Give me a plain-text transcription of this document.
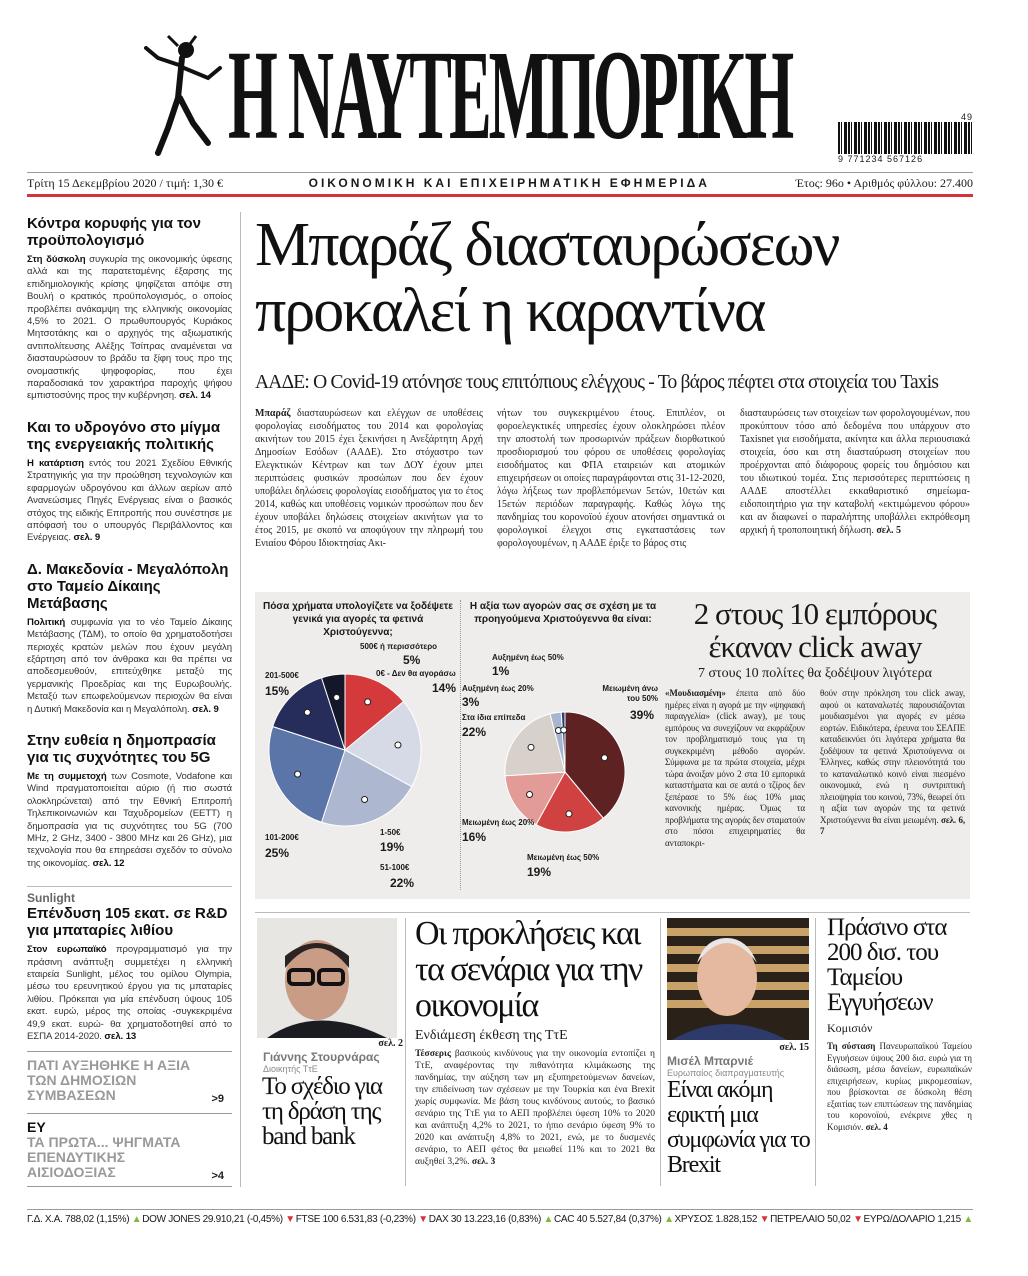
Η ΝΑΥΤΕΜΠΟΡΙΚΗ	49
9 771234 567126
Τρίτη 15 Δεκεμβρίου 2020 / τιμή: 1,30 €	ΟΙΚΟΝΟΜΙΚΗ ΚΑΙ ΕΠΙΧΕΙΡΗΜΑΤΙΚΗ ΕΦΗΜΕΡΙΔΑ	Έτος: 96ο • Αριθμός φύλλου: 27.400
Κόντρα κορυφής για τον προϋπολογισμό

Στη δύσκολη συγκυρία της οικονομικής ύφεσης αλλά και της παρατεταμένης έξαρσης της επιδημιολογικής κρίσης ψηφίζεται απόψε στη Βουλή ο κρατικός προϋπολογισμός, ο οποίος προβλέπει ανάκαμψη της ελληνικής οικονομίας 4,5% το 2021. Ο πρωθυπουργός Κυριάκος Μητσοτάκης και ο αρχηγός της αξιωματικής αντιπολίτευσης Αλέξης Τσίπρας αναμένεται να διασταυρώσουν το βράδυ τα ξίφη τους προ της ονομαστικής ψηφοφορίας, που έχει παραδοσιακά τον χαρακτήρα παροχής ψήφου εμπιστοσύνης προς την κυβέρνηση. σελ. 14

Και το υδρογόνο στο μίγμα της ενεργειακής πολιτικής

Η κατάρτιση εντός του 2021 Σχεδίου Εθνικής Στρατηγικής για την προώθηση τεχνολογιών και εφαρμογών υδρογόνου και άλλων αερίων από Ανανεώσιμες Πηγές Ενέργειας είναι ο βασικός στόχος της ειδικής Επιτροπής που συνέστησε με απόφασή του ο υπουργός Περιβάλλοντος και Ενέργειας. σελ. 9

Δ. Μακεδονία - Μεγαλόπολη στο Ταμείο Δίκαιης Μετάβασης

Πολιτική συμφωνία για το νέο Ταμείο Δίκαιης Μετάβασης (ΤΔΜ), το οποίο θα χρηματοδοτήσει περιοχές κρατών μελών που έχουν μεγάλη εξάρτηση από τον άνθρακα και θα πρέπει να αποδεσμευθούν, επιτεύχθηκε μεταξύ της γερμανικής Προεδρίας και της Ευρωβουλής. Μεταξύ των επωφελούμενων περιοχών θα είναι η Δυτική Μακεδονία και η Μεγαλόπολη. σελ. 9

Στην ευθεία η δημοπρασία για τις συχνότητες του 5G

Με τη συμμετοχή των Cosmote, Vodafone και Wind πραγματοποιείται αύριο (ή πιο σωστά ολοκληρώνεται) από την Εθνική Επιτροπή Τηλεπικοινωνιών και Ταχυδρομείων (ΕΕΤΤ) η δημοπρασία για τις συχνότητες του 5G (700 MHz, 2 GHz, 3400 - 3800 MHz και 26 GHz), μια τεχνολογία που θα επηρεάσει σχεδόν το σύνολο της οικονομίας. σελ. 12

Sunlight
Επένδυση 105 εκατ. σε R&D για μπαταρίες λιθίου

Στον ευρωπαϊκό προγραμματισμό για την πράσινη ανάπτυξη συμμετέχει η ελληνική εταιρεία Sunlight, μέλος του ομίλου Olympia, μέσω του ερευνητικού έργου για τις μπαταρίες λιθίου. Πρόκειται για μία επένδυση ύψους 105 εκατ. ευρώ, μέρος της οποίας -συγκεκριμένα 49,9 εκατ. ευρώ- θα χρηματοδοτηθεί από το ΕΣΠΑ 2014-2020. σελ. 13

ΠΑΤΙ ΑΥΞΗΘΗΚΕ Η ΑΞΙΑ ΤΩΝ ΔΗΜΟΣΙΩΝ ΣΥΜΒΑΣΕΩΝ	>9
ΕΥ
ΤΑ ΠΡΩΤΑ... ΨΗΓΜΑΤΑ ΕΠΕΝΔΥΤΙΚΗΣ ΑΙΣΙΟΔΟΞΙΑΣ	>4
Μπαράζ διασταυρώσεων
προκαλεί η καραντίνα
ΑΑΔΕ: Ο Covid-19 ατόνησε τους επιτόπιους ελέγχους - Το βάρος πέφτει στα στοιχεία του Taxis
Μπαράζ διασταυρώσεων και ελέγχων σε υποθέσεις φορολογίας εισοδήματος του 2014 και φορολογίας ακινήτων του 2015 έχει ξεκινήσει η Ανεξάρτητη Αρχή Δημοσίων Εσόδων (ΑΑΔΕ). Στο στόχαστρο των Ελεγκτικών Κέντρων και των ΔΟΥ έχουν μπει περιπτώσεις φυσικών προσώπων που δεν έχουν υποβάλει δηλώσεις φορολογίας εισοδήματος για το έτος 2014, καθώς και υποθέσεις νομικών προσώπων που δεν έχουν υποβάλει δηλώσεις στοιχείων ακινήτων για το έτος 2015, με σκοπό να αποφύγουν την πληρωμή του Ενιαίου Φόρου Ιδιοκτησίας Ακι-
νήτων του συγκεκριμένου έτους. Επιπλέον, οι φοροελεγκτικές υπηρεσίες έχουν ολοκληρώσει πλέον την αποστολή των προσωρινών πράξεων διορθωτικού προσδιορισμού του φόρου σε υποθέσεις φορολογίας εισοδήματος και ΦΠΑ εταιρειών και ατομικών επιχειρήσεων οι οποίες παραγράφονται στις 31-12-2020, λόγω λήξεως των προβλεπόμενων 5ετών, 10ετών και 15ετών περιόδων παραγραφής. Καθώς λόγω της πανδημίας του κορονοϊού έχουν ατονήσει σημαντικά οι φορολογικοί έλεγχοι στις εγκαταστάσεις των φορολογουμένων, η ΑΑΔΕ έριξε το βάρος στις
διασταυρώσεις των στοιχείων των φορολογουμένων, που προκύπτουν τόσο από δεδομένα που υπάρχουν στο Taxisnet για εισοδήματα, ακίνητα και άλλα περιουσιακά στοιχεία, όσο και στη διασταύρωση στοιχείων που προέρχονται από διάφορους φορείς του δημόσιου και του ιδιωτικού τομέα. Στις περισσότερες περιπτώσεις η ΑΑΔΕ αποστέλλει εκκαθαριστικό σημείωμα-ειδοποιητήριο για την καταβολή «εκτιμώμενου φόρου» και αν διαφωνεί ο παραλήπτης υποβάλλει εκπρόθεσμη αρχική ή τροποποιητική δήλωση. σελ. 5
Πόσα χρήματα υπολογίζετε να ξοδέψετε γενικά για αγορές τα φετινά Χριστούγεννα;
Η αξία των αγορών σας σε σχέση με τα προηγούμενα Χριστούγεννα θα είναι:
500€ ή περισσότερο
5%
0€ - Δεν θα αγοράσω
14%
201-500€
15%
1-50€
19%
101-200€
25%
51-100€
22%
Αυξημένη έως 50%
1%
Αυξημένη έως 20%
3%
Στα ίδια επίπεδα
22%
Μειωμένη άνω του 50%
39%
Μειωμένη έως 20%
16%
Μειωμένη έως 50%
19%
2 στους 10 εμπόρους
έκαναν click away
7 στους 10 πολίτες θα ξοδέψουν λιγότερα
«Μουδιασμένη» έπειτα από δύο ημέρες είναι η αγορά με την «ψηφιακή παραγγελία» (click away), με τους εμπόρους να συνεχίζουν να εκφράζουν τον προβληματισμό τους για τη συγκεκριμένη μέθοδο αγορών. Σύμφωνα με τα πρώτα στοιχεία, μέχρι τώρα άνοιξαν μόνο 2 στα 10 εμπορικά καταστήματα και σε αυτά ο τζίρος δεν ξεπέρασε το 5% έως 10% μιας κανονικής ημέρας. Όμως τα προβλήματα της αγοράς δεν σταματούν στο πόσοι επιχειρηματίες θα ανταποκρι-
θούν στην πρόκληση του click away, αφού οι καταναλωτές παρουσιάζονται μουδιασμένοι για αγορές εν μέσω εορτών. Ειδικότερα, έρευνα του ΣΕΛΠΕ καταδεικνύει ότι λιγότερα χρήματα θα ξοδέψουν τα φετινά Χριστούγεννα οι Έλληνες, καθώς στην πλειονότητά του το καταναλωτικό κοινό είναι πιεσμένο οικονομικά, ενώ η συντριπτική πλειοψηφία του κοινού, 73%, θεωρεί ότι η αξία των αγορών της τα φετινά Χριστούγεννα θα είναι μειωμένη. σελ. 6, 7
σελ. 2
Γιάννης Στουρνάρας
Διοικητής ΤτΕ
Το σχέδιο για τη δράση της band bank
Οι προκλήσεις και τα σενάρια για την οικονομία
Ενδιάμεση έκθεση της ΤτΕ
Τέσσερις βασικούς κινδύνους για την οικονομία εντοπίζει η ΤτΕ, αναφέροντας την πιθανότητα κλιμάκωσης της πανδημίας, την αύξηση των μη εξυπηρετούμενων δανείων, την επιδείνωση των σχέσεων με την Τουρκία και ένα Brexit χωρίς συμφωνία. Με βάση τους κινδύνους αυτούς, το βασικό σενάριο της ΤτΕ για το ΑΕΠ προβλέπει ύφεση 10% το 2020 και ανάπτυξη 4,2% το 2021, το ήπιο σενάριο ύφεση 9% το 2020 και ανάπτυξη 4,8% το 2021, ενώ, με το δυσμενές σενάριο, το ΑΕΠ φέτος θα μειωθεί 11% και το 2021 θα αυξηθεί 3,2%. σελ. 3
σελ. 15
Μισέλ Μπαρνιέ
Ευρωπαίος διαπραγματευτής
Είναι ακόμη εφικτή μια συμφωνία για το Brexit
Πράσινο στα 200 δισ. του Ταμείου Εγγυήσεων
Κομισιόν
Τη σύσταση Πανευρωπαϊκού Ταμείου Εγγυήσεων ύψους 200 δισ. ευρώ για τη διάσωση, μέσω δανείων, ευρωπαϊκών επιχειρήσεων, κυρίως μικρομεσαίων, που βρίσκονται σε δύσκολη θέση εξαιτίας των επιπτώσεων της πανδημίας του κορονοϊού, ενέκρινε χθες η Κομισιόν. σελ. 4
Γ.Δ. Χ.Α. 788,02 (1,15%) ▲ DOW JONES 29.910,21 (-0,45%) ▼ FTSE 100 6.531,83 (-0,23%) ▼ DAX 30 13.223,16 (0,83%) ▲ CAC 40 5.527,84 (0,37%) ▲ ΧΡΥΣΟΣ 1.828,152 ▼ ΠΕΤΡΕΛΑΙΟ 50,02 ▼ ΕΥΡΩ/ΔΟΛΑΡΙΟ 1,215 ▲
